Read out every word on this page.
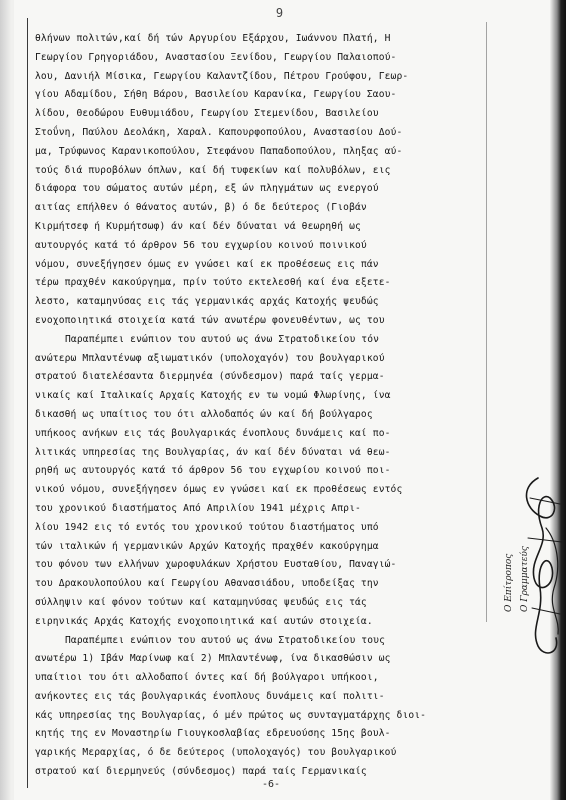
9
θλήνων πολιτών,καί δή τών Αργυρίου Εξάρχου, Ιωάννου Πλατή, Η
Γεωργίου Γρηγοριάδου, Αναστασίου Ξενίδου, Γεωργίου Παλαιοπού-
λου, Δανιήλ Μίσικα, Γεωργίου Καλαντζίδου, Πέτρου Γρούφου, Γεωρ-
γίου Αδαμίδου, Σήθη Βάρου, Βασιλείου Καρανίκα, Γεωργίου Σαου-
λίδου, Θεοδώρου Ευθυμιάδου, Γεωργίου Στεμενίδου, Βασιλείου
Στοΰνη, Παύλου Δεολάκη, Χαραλ. Καπουρφοπούλου, Αναστασίου Δού-
μα, Τρύφωνος Καρανικοπούλου, Στεφάνου Παπαδοπούλου, πληξας αύ-
τούς διά πυροβόλων όπλων, καί δή τυφεκίων καί πολυβόλων, εις
διάφορα του σώματος αυτών μέρη, εξ ών πληγμάτων ως ενεργού
αιτίας επήλθεν ό θάνατος αυτών, β) ό δε δεύτερος (Γιοβάν
Κιρμήτσεφ ή Κυρμήτσωφ) άν καί δέν δύναται νά θεωρηθή ως
αυτουργός κατά τό άρθρον 56 του εγχωρίου κοινού ποινικού
νόμου, συνεξήγησεν όμως εν γνώσει καί εκ προθέσεως εις πάν
τέρω πραχθέν κακούργημα, πρίν τούτο εκτελεσθή καί ένα εξετε-
λεστο, καταμηνύσας εις τάς γερμανικάς αρχάς Κατοχής ψευδώς
ενοχοποιητικά στοιχεία κατά τών ανωτέρω φονευθέντων, ως του
Παραπέμπει ενώπιον του αυτού ως άνω Στρατοδικείου τόν
ανώτερω Μπλαντένωφ αξιωματικόν (υπολοχαγόν) του βουλγαρικού
στρατού διατελέσαντα διερμηνέα (σύνδεσμον) παρά ταίς γερμα-
νικαίς καί Ιταλικαίς Αρχαίς Κατοχής εν τω νομώ Φλωρίνης, ίνα
δικασθή ως υπαίτιος του ότι αλλοδαπός ών καί δή βούλγαρος
υπήκοος ανήκων εις τάς βουλγαρικάς ένοπλους δυνάμεις καί πο-
λιτικάς υπηρεσίας της Βουλγαρίας, άν καί δέν δύναται νά θεω-
ρηθή ως αυτουργός κατά τό άρθρον 56 του εγχωρίου κοινού ποι-
νικού νόμου, συνεξήγησεν όμως εν γνώσει καί εκ προθέσεως εντός
του χρονικού διαστήματος Από Απριλίου 1941 μέχρις Απρι-
λίου 1942 εις τό εντός του χρονικού τούτου διαστήματος υπό
τών ιταλικών ή γερμανικών Αρχών Κατοχής πραχθέν κακούργημα
του φόνου των ελλήνων χωροφυλάκων Χρήστου Ευσταθίου, Παναγιώ-
του Δρακουλοπούλου καί Γεωργίου Αθανασιάδου, υποδείξας την
σύλληψιν καί φόνον τούτων καί καταμηνύσας ψευδώς εις τάς
ειρηνικάς Αρχάς Κατοχής ενοχοποιητικά καί αυτών στοιχεία.
Παραπέμπει ενώπιον του αυτού ως άνω Στρατοδικείου τους
ανωτέρω 1) Ιβάν Μαρίνωφ καί 2) Μπλαντένωφ, ίνα δικασθώσιν ως
υπαίτιοι του ότι αλλοδαποί όντες καί δή βούλγαροι υπήκοοι,
ανήκοντες εις τάς βουλγαρικάς ένοπλους δυνάμεις καί πολιτι-
κάς υπηρεσίας της Βουλγαρίας, ό μέν πρώτος ως συνταγματάρχης διοι-
κητής της εν Μοναστηρίω Γιουγκοσλαβίας εδρευούσης 15ης βουλ-
γαρικής Μεραρχίας, ό δε δεύτερος (υπολοχαγός) του βουλγαρικού
στρατού καί διερμηνεύς (σύνδεσμος) παρά ταίς Γερμανικαίς
-6-
Ο Επίτροπος Ο Γραμματεύς
